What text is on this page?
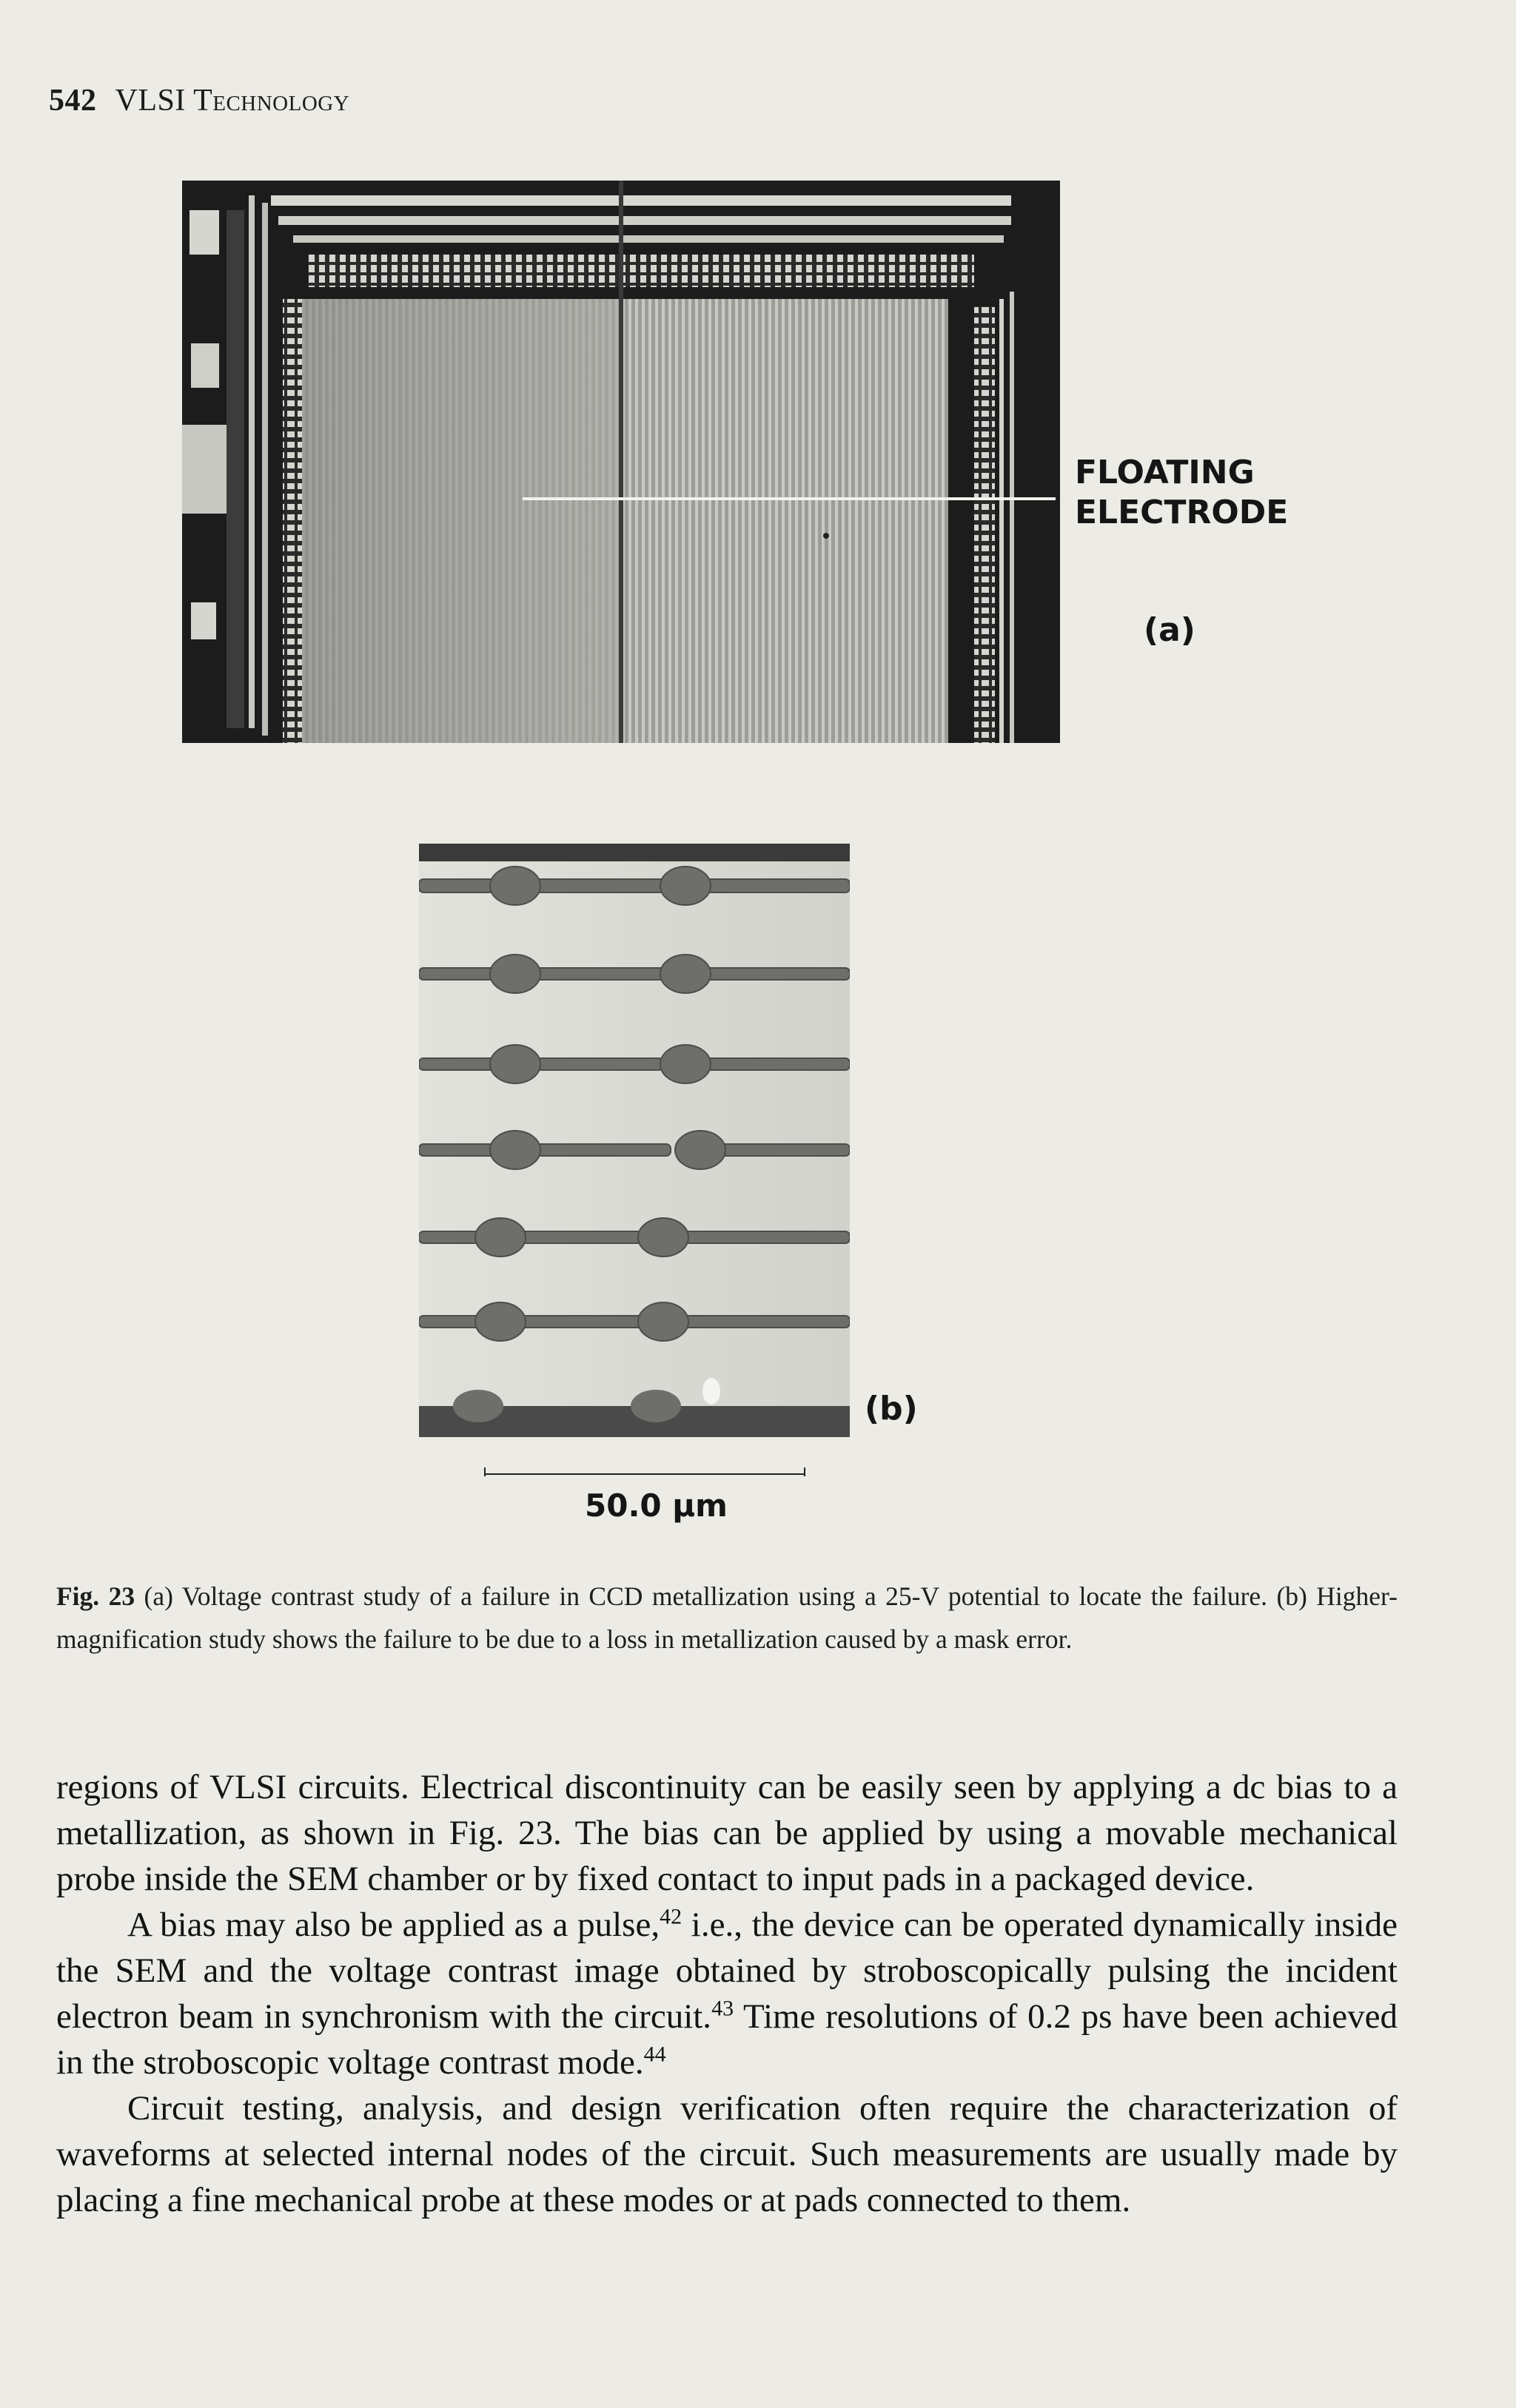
542 VLSI Technology
FLOATING
ELECTRODE
(a)
(b)
50.0 μm
Fig. 23 (a) Voltage contrast study of a failure in CCD metallization using a 25-V potential to locate the failure. (b) Higher-magnification study shows the failure to be due to a loss in metallization caused by a mask error.

regions of VLSI circuits. Electrical discontinuity can be easily seen by applying a dc bias to a metallization, as shown in Fig. 23. The bias can be applied by using a movable mechanical probe inside the SEM chamber or by fixed contact to input pads in a packaged device.

A bias may also be applied as a pulse,$^{42}$ i.e., the device can be operated dynamically inside the SEM and the voltage contrast image obtained by stroboscopically pulsing the incident electron beam in synchronism with the circuit.$^{43}$ Time resolutions of 0.2 ps have been achieved in the stroboscopic voltage contrast mode.$^{44}$

Circuit testing, analysis, and design verification often require the characterization of waveforms at selected internal nodes of the circuit. Such measurements are usually made by placing a fine mechanical probe at these modes or at pads connected to them.
